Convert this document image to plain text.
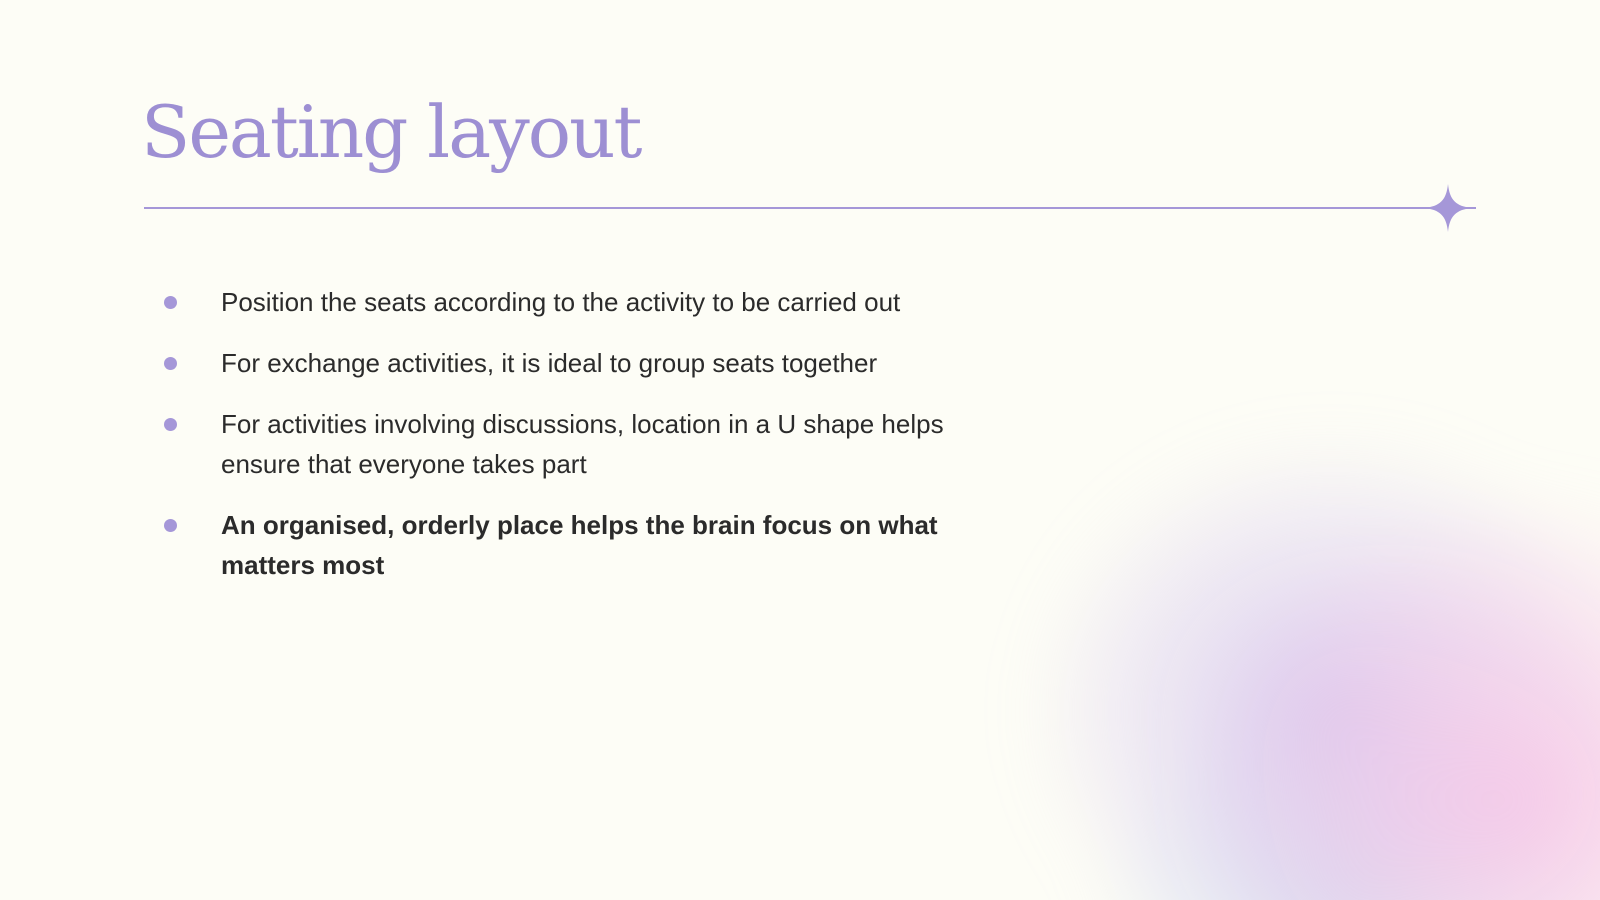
Seating layout
Position the seats according to the activity to be carried out
For exchange activities, it is ideal to group seats together
For activities involving discussions, location in a U shape helps ensure that everyone takes part
An organised, orderly place helps the brain focus on what matters most
